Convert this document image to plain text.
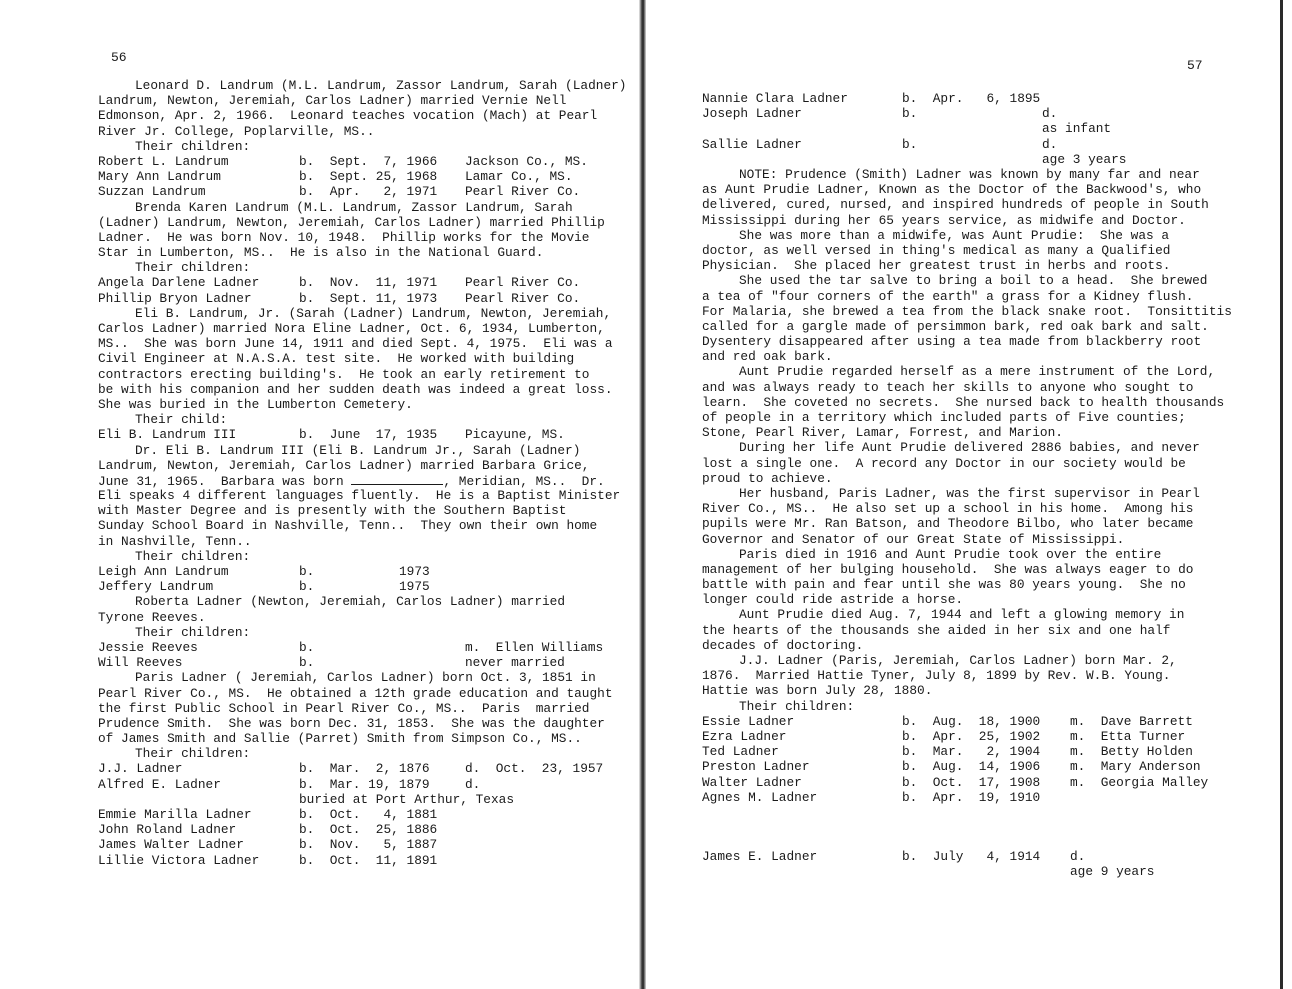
56
Leonard D. Landrum (M.L. Landrum, Zassor Landrum, Sarah (Ladner)
Landrum, Newton, Jeremiah, Carlos Ladner) married Vernie Nell
Edmonson, Apr. 2, 1966.  Leonard teaches vocation (Mach) at Pearl
River Jr. College, Poplarville, MS..
Their children:
Robert L. Landrum	b.  Sept.  7, 1966 Jackson Co., MS.
Mary Ann Landrum	b.  Sept. 25, 1968 Lamar Co., MS.
Suzzan Landrum	b.  Apr.   2, 1971 Pearl River Co.
Brenda Karen Landrum (M.L. Landrum, Zassor Landrum, Sarah
(Ladner) Landrum, Newton, Jeremiah, Carlos Ladner) married Phillip
Ladner.  He was born Nov. 10, 1948.  Phillip works for the Movie
Star in Lumberton, MS..  He is also in the National Guard.
Their children:
Angela Darlene Ladner	b.  Nov.  11, 1971 Pearl River Co.
Phillip Bryon Ladner	b.  Sept. 11, 1973 Pearl River Co.
Eli B. Landrum, Jr. (Sarah (Ladner) Landrum, Newton, Jeremiah,
Carlos Ladner) married Nora Eline Ladner, Oct. 6, 1934, Lumberton,
MS..  She was born June 14, 1911 and died Sept. 4, 1975.  Eli was a
Civil Engineer at N.A.S.A. test site.  He worked with building
contractors erecting building's.  He took an early retirement to
be with his companion and her sudden death was indeed a great loss.
She was buried in the Lumberton Cemetery.
Their child:
Eli B. Landrum III	b.  June  17, 1935 Picayune, MS.
Dr. Eli B. Landrum III (Eli B. Landrum Jr., Sarah (Ladner)
Landrum, Newton, Jeremiah, Carlos Ladner) married Barbara Grice,
June 31, 1965.  Barbara was born	, Meridian, MS..  Dr.
Eli speaks 4 different languages fluently.  He is a Baptist Minister
with Master Degree and is presently with the Southern Baptist
Sunday School Board in Nashville, Tenn..  They own their own home
in Nashville, Tenn..
Their children:
Leigh Ann Landrum	b.	1973
Jeffery Landrum	b.	1975
Roberta Ladner (Newton, Jeremiah, Carlos Ladner) married
Tyrone Reeves.
Their children:
Jessie Reeves	b.	m.  Ellen Williams
Will Reeves	b.	never married
Paris Ladner ( Jeremiah, Carlos Ladner) born Oct. 3, 1851 in
Pearl River Co., MS.  He obtained a 12th grade education and taught
the first Public School in Pearl River Co., MS..  Paris  married
Prudence Smith.  She was born Dec. 31, 1853.  She was the daughter
of James Smith and Sallie (Parret) Smith from Simpson Co., MS..
Their children:
J.J. Ladner	b.  Mar.  2, 1876	d.  Oct.  23, 1957
Alfred E. Ladner	b.  Mar. 19, 1879	d.
buried at Port Arthur, Texas
Emmie Marilla Ladner	b.  Oct.   4, 1881
John Roland Ladner	b.  Oct.  25, 1886
James Walter Ladner	b.  Nov.   5, 1887
Lillie Victora Ladner	b.  Oct.  11, 1891
57
Nannie Clara Ladner	b.  Apr.   6, 1895
Joseph Ladner	b.	d.
as infant
Sallie Ladner	b.	d.
age 3 years
NOTE: Prudence (Smith) Ladner was known by many far and near
as Aunt Prudie Ladner, Known as the Doctor of the Backwood's, who
delivered, cured, nursed, and inspired hundreds of people in South
Mississippi during her 65 years service, as midwife and Doctor.
She was more than a midwife, was Aunt Prudie:  She was a
doctor, as well versed in thing's medical as many a Qualified
Physician.  She placed her greatest trust in herbs and roots.
She used the tar salve to bring a boil to a head.  She brewed
a tea of "four corners of the earth" a grass for a Kidney flush.
For Malaria, she brewed a tea from the black snake root.  Tonsittitis
called for a gargle made of persimmon bark, red oak bark and salt.
Dysentery disappeared after using a tea made from blackberry root
and red oak bark.
Aunt Prudie regarded herself as a mere instrument of the Lord,
and was always ready to teach her skills to anyone who sought to
learn.  She coveted no secrets.  She nursed back to health thousands
of people in a territory which included parts of Five counties;
Stone, Pearl River, Lamar, Forrest, and Marion.
During her life Aunt Prudie delivered 2886 babies, and never
lost a single one.  A record any Doctor in our society would be
proud to achieve.
Her husband, Paris Ladner, was the first supervisor in Pearl
River Co., MS..  He also set up a school in his home.  Among his
pupils were Mr. Ran Batson, and Theodore Bilbo, who later became
Governor and Senator of our Great State of Mississippi.
Paris died in 1916 and Aunt Prudie took over the entire
management of her bulging household.  She was always eager to do
battle with pain and fear until she was 80 years young.  She no
longer could ride astride a horse.
Aunt Prudie died Aug. 7, 1944 and left a glowing memory in
the hearts of the thousands she aided in her six and one half
decades of doctoring.
J.J. Ladner (Paris, Jeremiah, Carlos Ladner) born Mar. 2,
1876.  Married Hattie Tyner, July 8, 1899 by Rev. W.B. Young.
Hattie was born July 28, 1880.
Their children:
Essie Ladner	b.  Aug.  18, 1900 m.  Dave Barrett
Ezra Ladner	b.  Apr.  25, 1902 m.  Etta Turner
Ted Ladner	b.  Mar.   2, 1904 m.  Betty Holden
Preston Ladner	b.  Aug.  14, 1906 m.  Mary Anderson
Walter Ladner	b.  Oct.  17, 1908 m.  Georgia Malley
Agnes M. Ladner	b.  Apr.  19, 1910
James E. Ladner	b.  July   4, 1914 d.
age 9 years
